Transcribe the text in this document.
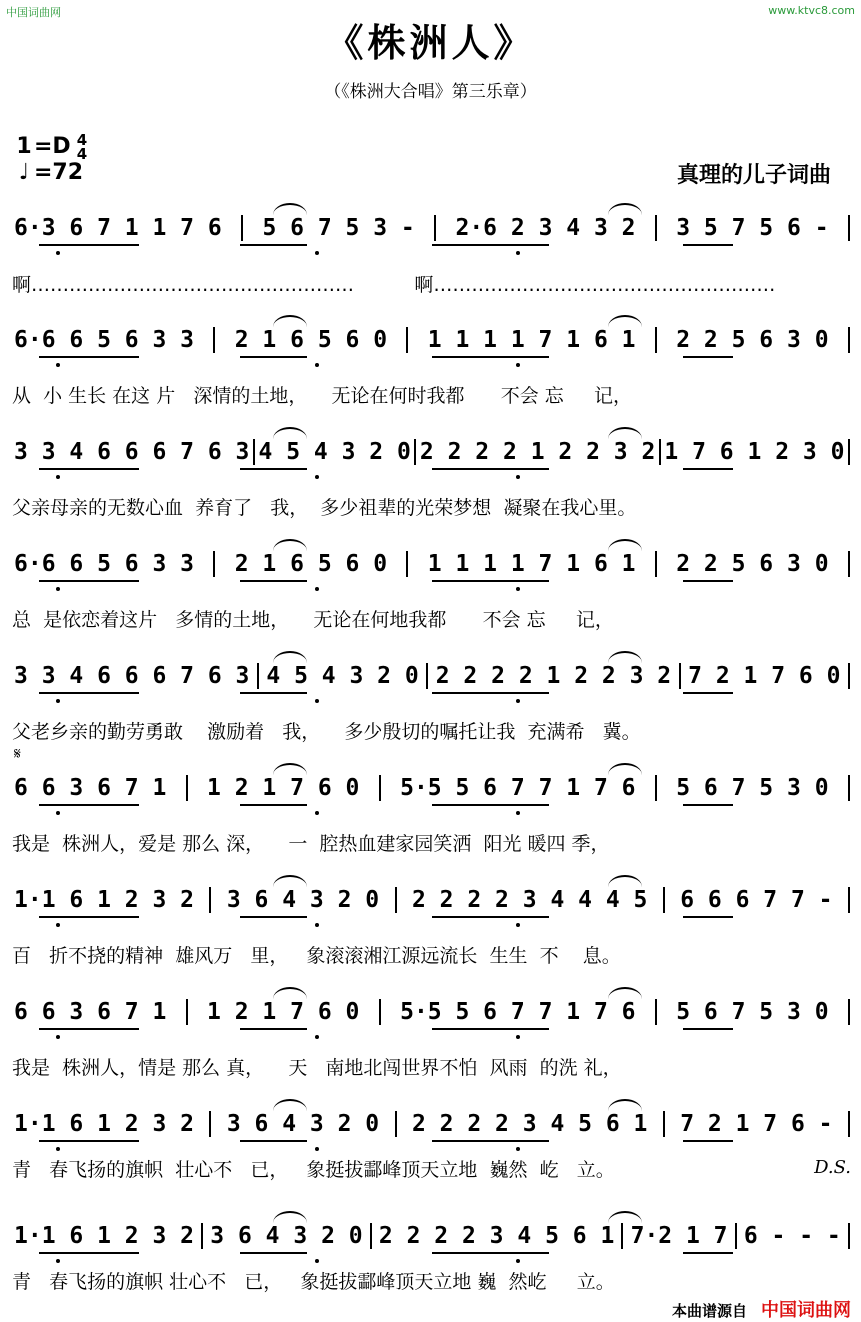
中国词曲网	www.ktvc8.com
《株洲人》
（《株洲大合唱》第三乐章）
1 =D 4
4
♩ =72	真理的儿子词曲
6·3 6 7 1 1 7 6 5 6 7 5 3 - 2·6 2 3 4 3 2 3 5 7 5 6 -
啊……………………………………………          啊………………………………………………
6·6 6 5 6 3 3 2 1 6 5 6 0 1 1 1 1 7 1 6 1 2 2 5 6 3 0
从  小 生长 在这 片   深情的土地，    无论在何时我都      不会 忘     记，
3 3 4 6 6 6 7 6 3 4 5 4 3 2 0 2 2 2 2 1 2 2 3 2 1 7 6 1 2 3 0
父亲母亲的无数心血  养育了   我，  多少祖辈的光荣梦想  凝聚在我心里。
6·6 6 5 6 3 3 2 1 6 5 6 0 1 1 1 1 7 1 6 1 2 2 5 6 3 0
总  是依恋着这片   多情的土地，    无论在何地我都      不会 忘     记，
3 3 4 6 6 6 7 6 3 4 5 4 3 2 0 2 2 2 2 1 2 2 3 2 7 2 1 7 6 0
父老乡亲的勤劳勇敢    激励着   我，    多少殷切的嘱托让我  充满希   冀。
6 6 3 6 7 1 1 2 1 7 6 0 5·5 5 6 7 7 1 7 6 5 6 7 5 3 0
我是  株洲人，爱是 那么 深，    一  腔热血建家园笑洒  阳光 暖四 季，
1·1 6 1 2 3 2 3 6 4 3 2 0 2 2 2 2 3 4 4 4 5 6 6 6 7 7 -
百   折不挠的精神  雄风万   里，   象滚滚湘江源远流长  生生  不    息。
6 6 3 6 7 1 1 2 1 7 6 0 5·5 5 6 7 7 1 7 6 5 6 7 5 3 0
我是  株洲人，情是 那么 真，    天   南地北闯世界不怕  风雨  的洗 礼，
1·1 6 1 2 3 2 3 6 4 3 2 0 2 2 2 2 3 4 5 6 1 7 2 1 7 6 -
青   春飞扬的旗帜  壮心不   已，   象挺拔酃峰顶天立地  巍然  屹   立。
1·1 6 1 2 3 2 3 6 4 3 2 0 2 2 2 2 3 4 5 6 1 7·2 1 7 6 - - -
青   春飞扬的旗帜 壮心不   已，   象挺拔酃峰顶天立地 巍  然屹     立。
𝄋
D.S.
本曲谱源自 中国词曲网
